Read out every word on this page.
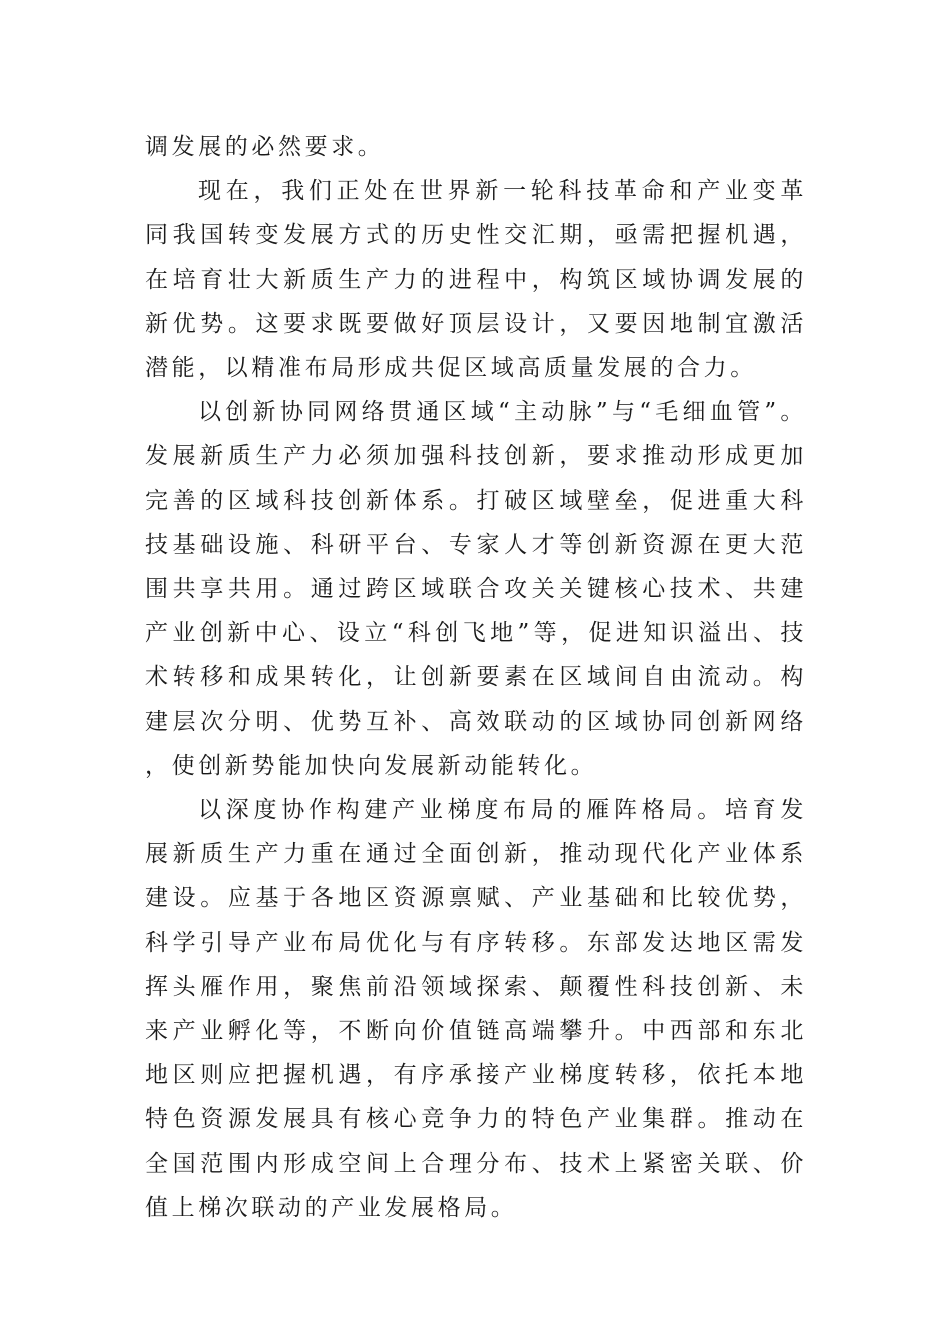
调发展的必然要求。

现在，我们正处在世界新一轮科技革命和产业变革同我国转变发展方式的历史性交汇期，亟需把握机遇，在培育壮大新质生产力的进程中，构筑区域协调发展的新优势。这要求既要做好顶层设计，又要因地制宜激活潜能，以精准布局形成共促区域高质量发展的合力。

以创新协同网络贯通区域“主动脉”与“毛细血管”。发展新质生产力必须加强科技创新，要求推动形成更加完善的区域科技创新体系。打破区域壁垒，促进重大科技基础设施、科研平台、专家人才等创新资源在更大范围共享共用。通过跨区域联合攻关关键核心技术、共建产业创新中心、设立“科创飞地”等，促进知识溢出、技术转移和成果转化，让创新要素在区域间自由流动。构建层次分明、优势互补、高效联动的区域协同创新网络，使创新势能加快向发展新动能转化。

以深度协作构建产业梯度布局的雁阵格局。培育发展新质生产力重在通过全面创新，推动现代化产业体系建设。应基于各地区资源禀赋、产业基础和比较优势，科学引导产业布局优化与有序转移。东部发达地区需发挥头雁作用，聚焦前沿领域探索、颠覆性科技创新、未来产业孵化等，不断向价值链高端攀升。中西部和东北地区则应把握机遇，有序承接产业梯度转移，依托本地特色资源发展具有核心竞争力的特色产业集群。推动在全国范围内形成空间上合理分布、技术上紧密关联、价值上梯次联动的产业发展格局。
